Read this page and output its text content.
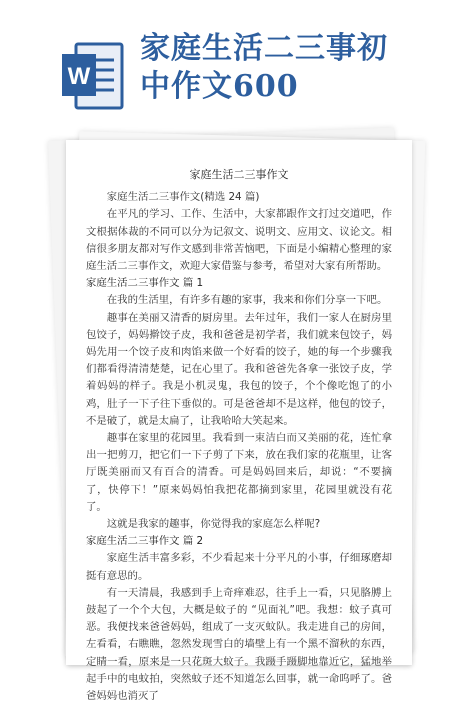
W
家庭生活二三事初
中作文600
家庭生活二三事作文

家庭生活二三事作文(精选 24 篇)

在平凡的学习、工作、生活中，大家都跟作文打过交道吧，作文根据体裁的不同可以分为记叙文、说明文、应用文、议论文。相信很多朋友都对写作文感到非常苦恼吧，下面是小编精心整理的家庭生活二三事作文，欢迎大家借鉴与参考，希望对大家有所帮助。

家庭生活二三事作文 篇 1

在我的生活里，有许多有趣的家事，我来和你们分享一下吧。

趣事在美丽又清香的厨房里。去年过年，我们一家人在厨房里包饺子，妈妈擀饺子皮，我和爸爸是初学者，我们就来包饺子，妈妈先用一个饺子皮和肉馅来做一个好看的饺子，她的每一个步骤我们都看得清清楚楚，记在心里了。我和爸爸先各拿一张饺子皮，学着妈妈的样子。我是小机灵鬼，我包的饺子，个个像吃饱了的小鸡，肚子一下子往下垂似的。可是爸爸却不是这样，他包的饺子，不是破了，就是太扁了，让我哈哈大笑起来。

趣事在家里的花园里。我看到一束洁白而又美丽的花，连忙拿出一把剪刀，把它们一下子剪了下来，放在我们家的花瓶里，让客厅既美丽而又有百合的清香。可是妈妈回来后，却说：“不要摘了，快停下！”原来妈妈怕我把花都摘到家里，花园里就没有花了。

这就是我家的趣事，你觉得我的家庭怎么样呢?

家庭生活二三事作文 篇 2

家庭生活丰富多彩，不少看起来十分平凡的小事，仔细琢磨却挺有意思的。

有一天清晨，我感到手上奇痒难忍，往手上一看，只见胳膊上鼓起了一个个大包，大概是蚊子的 “见面礼”吧。我想：蚊子真可恶。我便找来爸爸妈妈，组成了一支灭蚊队。我走进自己的房间，左看看，右瞧瞧，忽然发现雪白的墙壁上有一个黑不溜秋的东西，定睛一看，原来是一只花斑大蚊子。我蹑手蹑脚地靠近它，猛地举起手中的电蚊拍，突然蚊子还不知道怎么回事，就一命呜呼了。爸爸妈妈也消灭了
